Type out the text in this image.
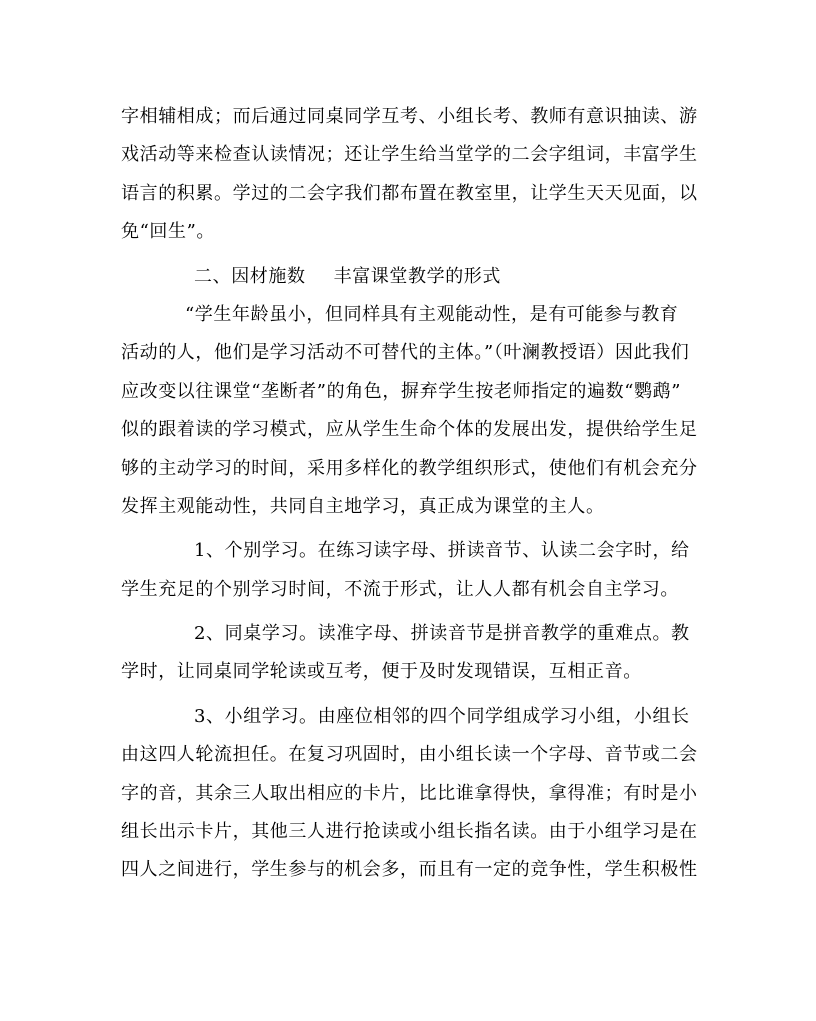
字相辅相成；而后通过同桌同学互考、小组长考、教师有意识抽读、游
戏活动等来检查认读情况；还让学生给当堂学的二会字组词，丰富学生
语言的积累。学过的二会字我们都布置在教室里，让学生天天见面，以
免“回生”。
二、因材施数 丰富课堂教学的形式
“学生年龄虽小，但同样具有主观能动性，是有可能参与教育
活动的人，他们是学习活动不可替代的主体。”（叶澜教授语）因此我们
应改变以往课堂“垄断者”的角色，摒弃学生按老师指定的遍数“鹦鹉”
似的跟着读的学习模式，应从学生生命个体的发展出发，提供给学生足
够的主动学习的时间，采用多样化的教学组织形式，使他们有机会充分
发挥主观能动性，共同自主地学习，真正成为课堂的主人。
1、个别学习。在练习读字母、拼读音节、认读二会字时，给
学生充足的个别学习时间，不流于形式，让人人都有机会自主学习。
2、同桌学习。读准字母、拼读音节是拼音教学的重难点。教
学时，让同桌同学轮读或互考，便于及时发现错误，互相正音。
3、小组学习。由座位相邻的四个同学组成学习小组，小组长
由这四人轮流担任。在复习巩固时，由小组长读一个字母、音节或二会
字的音，其余三人取出相应的卡片，比比谁拿得快，拿得准；有时是小
组长出示卡片，其他三人进行抢读或小组长指名读。由于小组学习是在
四人之间进行，学生参与的机会多，而且有一定的竞争性，学生积极性
